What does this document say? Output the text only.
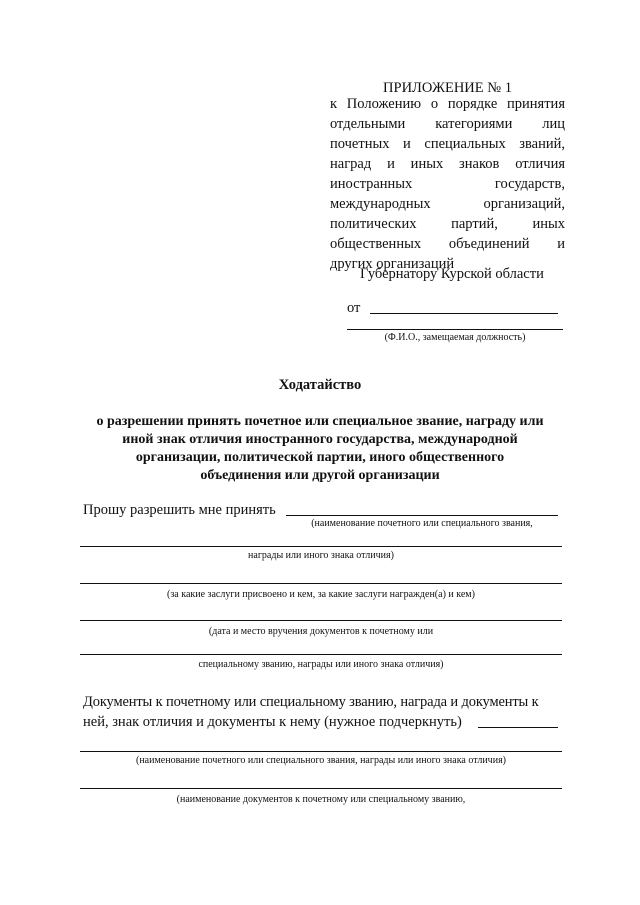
ПРИЛОЖЕНИЕ № 1
к Положению о порядке принятия
отдельными категориями лиц
почетных и специальных званий,
наград и иных знаков отличия
иностранных государств,
международных организаций,
политических партий, иных
общественных объединений и
других организаций
Губернатору Курской области
от
(Ф.И.О., замещаемая должность)
Ходатайство
о разрешении принять почетное или специальное звание, награду или
иной знак отличия иностранного государства, международной
организации, политической партии, иного общественного
объединения или другой организации
Прошу разрешить мне принять
(наименование почетного или специального звания,
награды или иного знака отличия)
(за какие заслуги присвоено и кем, за какие заслуги награжден(а) и кем)
(дата и место вручения документов к почетному или
специальному званию, награды или иного знака отличия)
Документы к почетному или специальному званию, награда и документы к
ней, знак отличия и документы к нему (нужное подчеркнуть)
(наименование почетного или специального звания, награды или иного знака отличия)
(наименование документов к почетному или специальному званию,
